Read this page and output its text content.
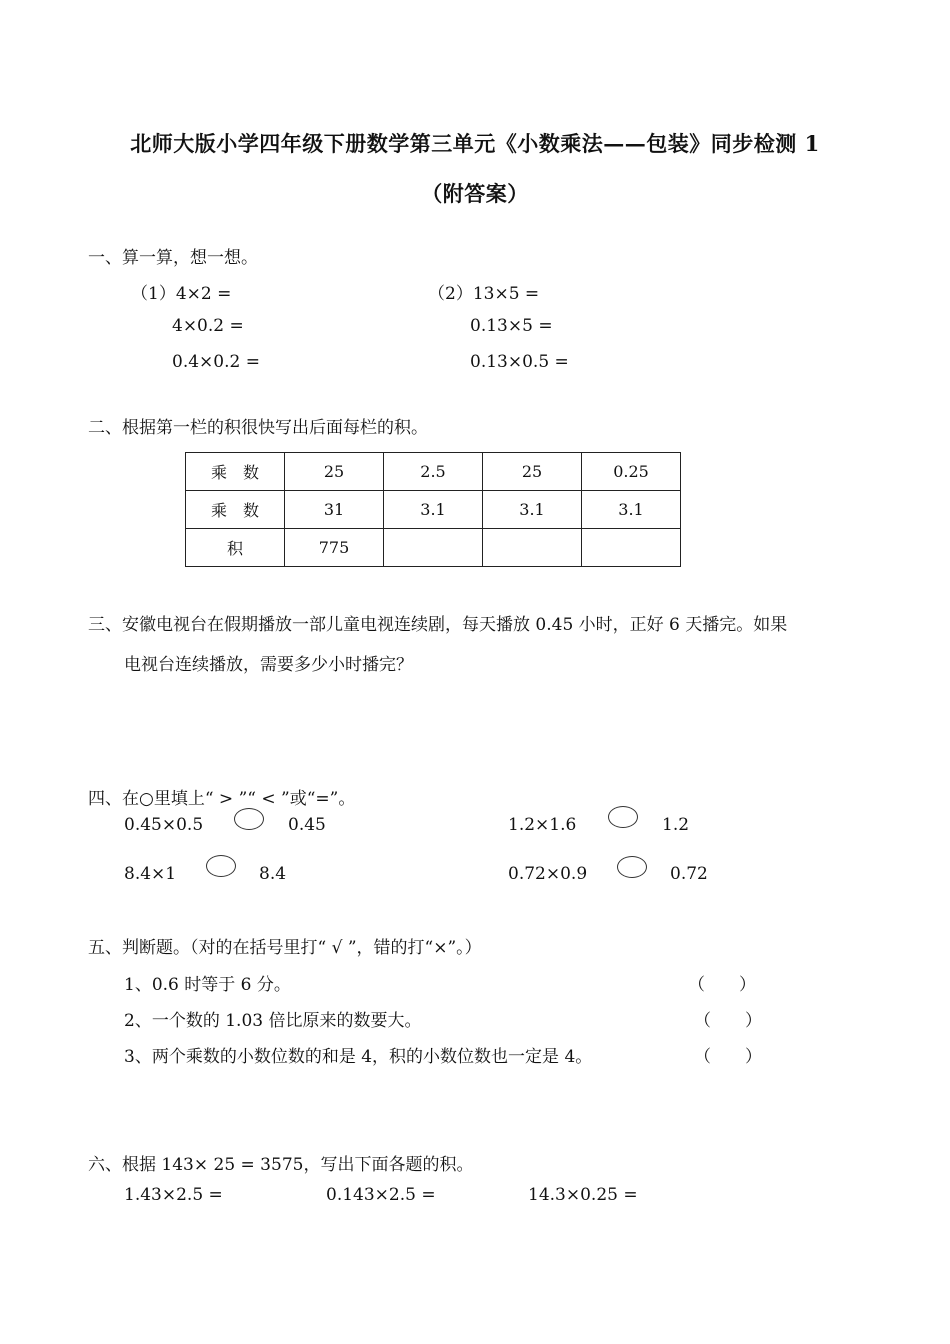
北师大版小学四年级下册数学第三单元《小数乘法——包装》同步检测 1
（附答案）
一、算一算，想一想。
（1）4×2 =
4×0.2 =
0.4×0.2 =
（2）13×5 =
0.13×5 =
0.13×0.5 =
二、根据第一栏的积很快写出后面每栏的积。
乘　数	25	2.5	25	0.25
乘　数	31	3.1	3.1	3.1
积	775			
三、安徽电视台在假期播放一部儿童电视连续剧，每天播放 0.45 小时，正好 6 天播完。如果
电视台连续播放，需要多少小时播完？
四、在○里填上“ > ”“ < ”或“=”。
0.45×0.5	0.45	1.2×1.6	1.2
8.4×1	8.4	0.72×0.9	0.72
五、判断题。（对的在括号里打“ √ ”，错的打“×”。）
1、0.6 时等于 6 分。	（　　）
2、一个数的 1.03 倍比原来的数要大。	（　　）
3、两个乘数的小数位数的和是 4，积的小数位数也一定是 4。	（　　）
六、根据 143× 25 = 3575，写出下面各题的积。
1.43×2.5 =	0.143×2.5 =	14.3×0.25 =
